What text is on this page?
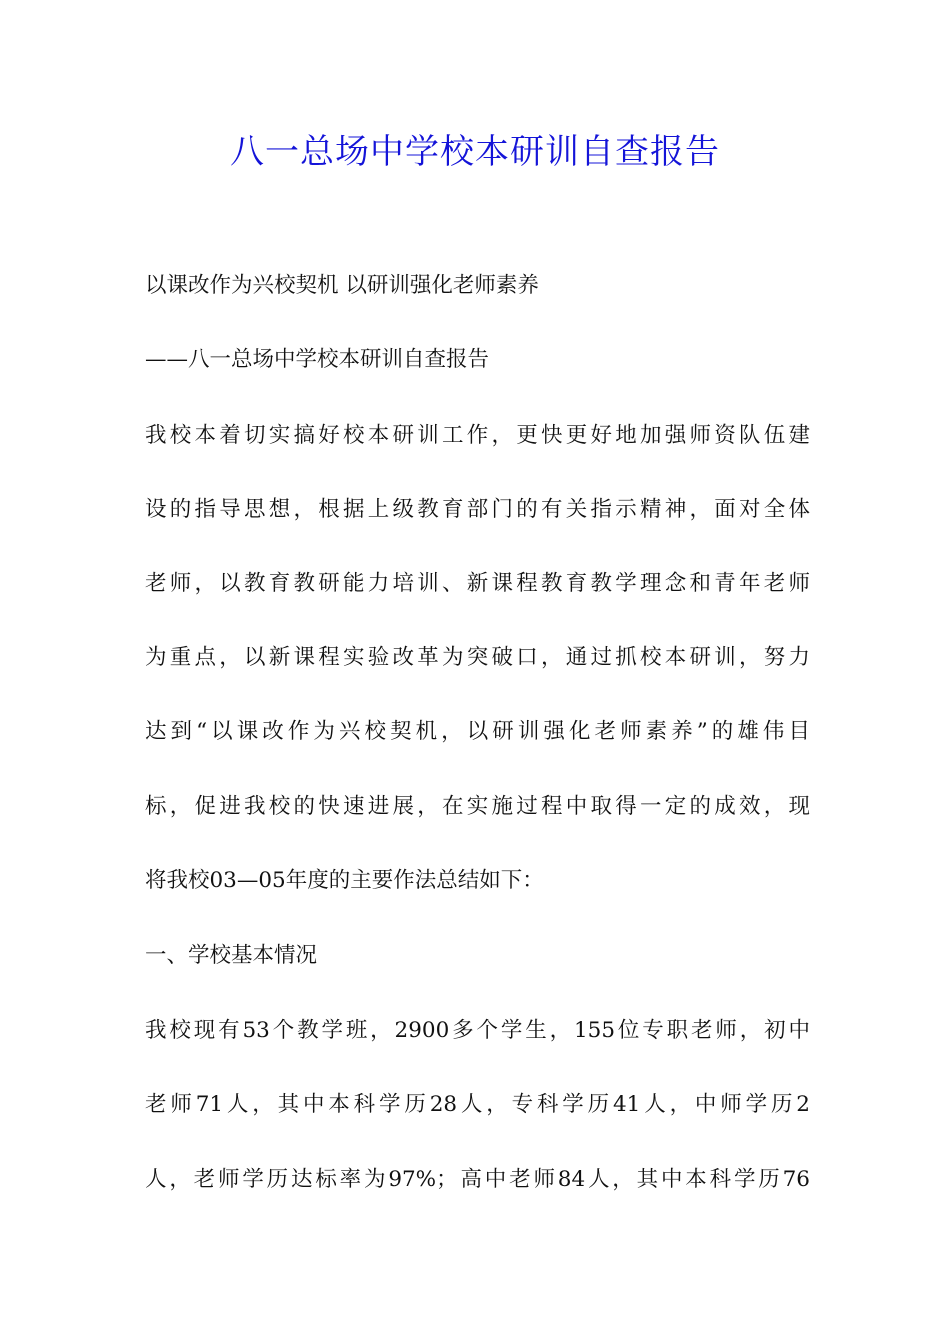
八一总场中学校本研训自查报告
以课改作为兴校契机 以研训强化老师素养
——八一总场中学校本研训自查报告
我校本着切实搞好校本研训工作，更快更好地加强师资队伍建
设的指导思想，根据上级教育部门的有关指示精神，面对全体
老师，以教育教研能力培训、新课程教育教学理念和青年老师
为重点，以新课程实验改革为突破口，通过抓校本研训，努力
达到“以课改作为兴校契机，以研训强化老师素养”的雄伟目
标，促进我校的快速进展，在实施过程中取得一定的成效，现
将我校03—05年度的主要作法总结如下：
一、学校基本情况
我校现有53个教学班，2900多个学生，155位专职老师，初中
老师71人，其中本科学历28人，专科学历41人，中师学历2
人，老师学历达标率为97%；高中老师84人，其中本科学历76
